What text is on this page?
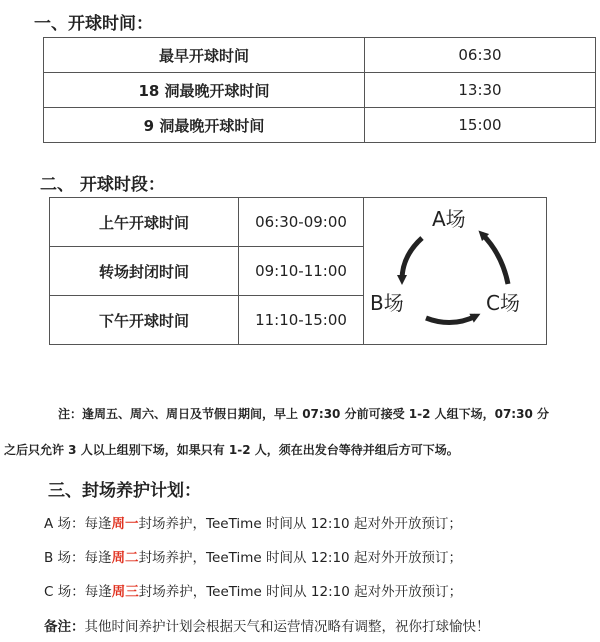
一、开球时间：
最早开球时间	06:30
18 洞最晚开球时间	13:30
9 洞最晚开球时间	15:00
二、 开球时段：
上午开球时间	06:30-09:00	A场
B场 C场

转场封闭时间	09:10-11:00	
下午开球时间	11:10-15:00	
注：逢周五、周六、周日及节假日期间，早上 07:30 分前可接受 1-2 人组下场，07:30 分
之后只允许 3 人以上组别下场，如果只有 1-2 人，须在出发台等待并组后方可下场。
三、封场养护计划：
A 场：每逢周一封场养护，TeeTime 时间从 12:10 起对外开放预订；
B 场：每逢周二封场养护，TeeTime 时间从 12:10 起对外开放预订；
C 场：每逢周三封场养护，TeeTime 时间从 12:10 起对外开放预订；
备注：其他时间养护计划会根据天气和运营情况略有调整，祝你打球愉快！
